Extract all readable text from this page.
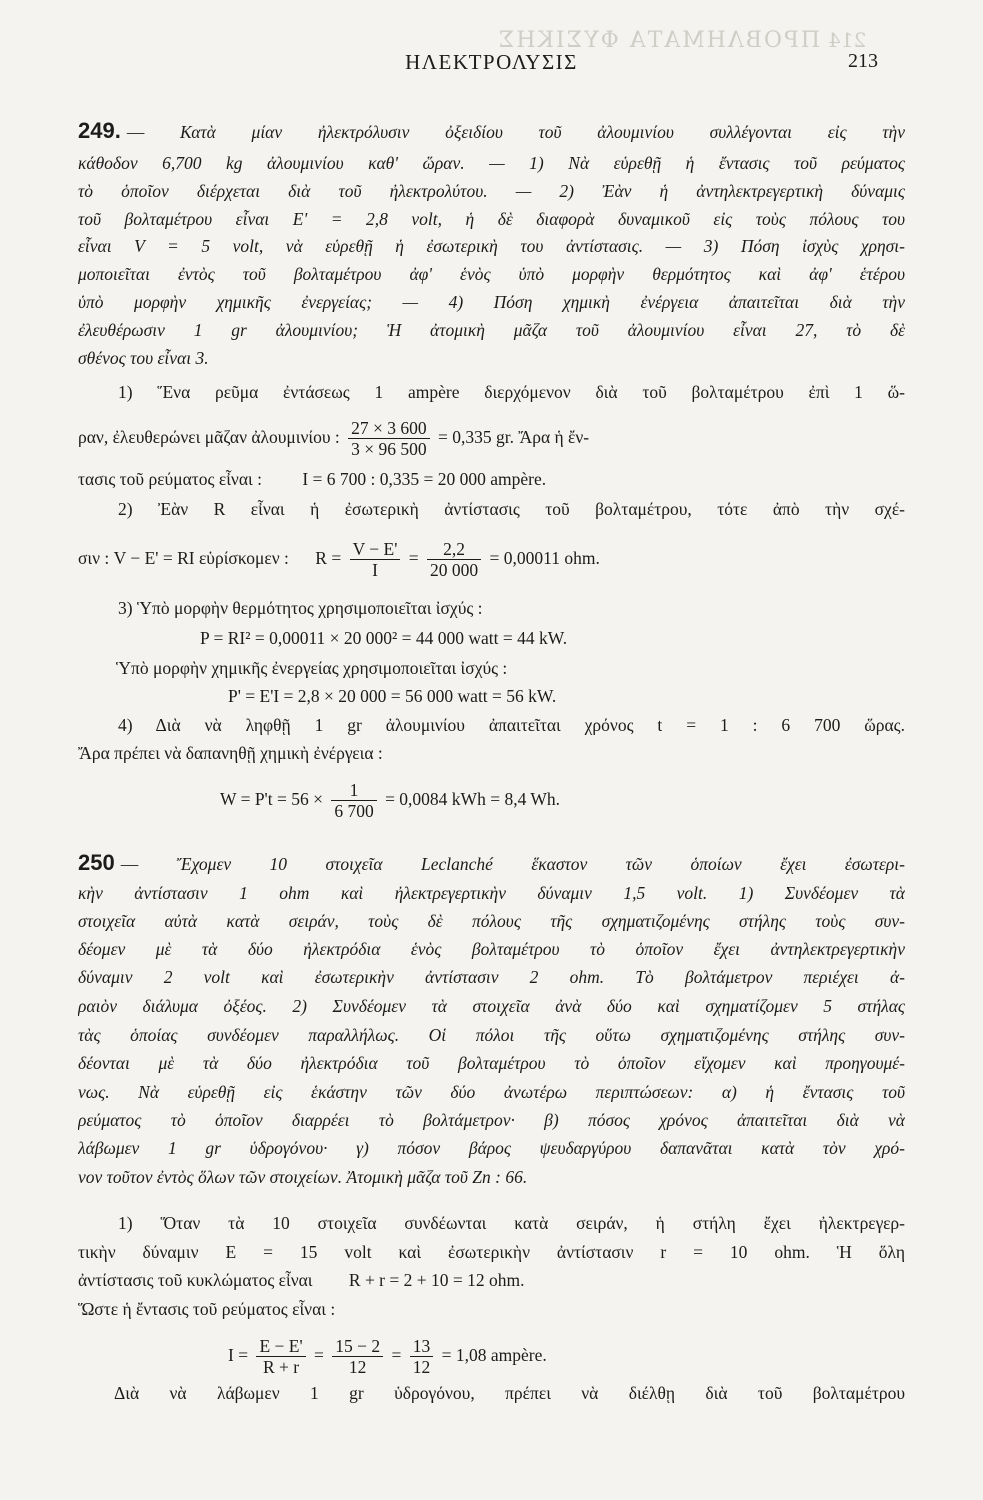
ΠΡΟΒΛΗΜΑΤΑ ΦΥΣΙΚΗΣ 214
ΗΛΕΚΤΡΟΛΥΣΙΣ	213
249. — Κατὰ μίαν ἠλεκτρόλυσιν ὀξειδίου τοῦ ἀλουμινίου συλλέγονται εἰς τὴν
κάθοδον 6,700 kg ἀλουμινίου καθ' ὥραν. — 1) Νὰ εὑρεθῇ ἡ ἔντασις τοῦ ρεύματος
τὸ ὁποῖον διέρχεται διὰ τοῦ ἠλεκτρολύτου. — 2) Ἐὰν ἡ ἀντηλεκτρεγερτικὴ δύναμις
τοῦ βολταμέτρου εἶναι E' = 2,8 volt, ἡ δὲ διαφορὰ δυναμικοῦ εἰς τοὺς πόλους του
εἶναι V = 5 volt, νὰ εὑρεθῇ ἡ ἐσωτερικὴ του ἀντίστασις. — 3) Πόση ἰσχὺς χρησι-
μοποιεῖται ἐντὸς τοῦ βολταμέτρου ἀφ' ἑνὸς ὑπὸ μορφὴν θερμότητος καὶ ἀφ' ἑτέρου
ὑπὸ μορφὴν χημικῆς ἐνεργείας; — 4) Πόση χημικὴ ἐνέργεια ἀπαιτεῖται διὰ τὴν
ἐλευθέρωσιν 1 gr ἀλουμινίου; Ἡ ἀτομικὴ μᾶζα τοῦ ἀλουμινίου εἶναι 27, τὸ δὲ
σθένος του εἶναι 3.
1) Ἕνα ρεῦμα ἐντάσεως 1 ampère διερχόμενον διὰ τοῦ βολταμέτρου ἐπὶ 1 ὥ-
ραν, ἐλευθερώνει μᾶζαν ἀλουμινίου : $\frac{27 \times 3 600}{3 \times 96 500} = 0,335$ gr. Ἄρα ἡ ἔν-
τασις τοῦ ρεύματος εἶναι : I = 6 700 : 0,335 = 20 000 ampère.
2) Ἐὰν R εἶναι ἡ ἐσωτερικὴ ἀντίστασις τοῦ βολταμέτρου, τότε ἀπὸ τὴν σχέ-
σιν : V − E' = RI εὑρίσκομεν : $R = \frac{V - E'}{I} = \frac{2,2}{20 000} = 0,00011$ ohm.
3) Ὑπὸ μορφὴν θερμότητος χρησιμοποιεῖται ἰσχύς :
P = RI² = 0,00011 × 20 000² = 44 000 watt = 44 kW.
Ὑπὸ μορφὴν χημικῆς ἐνεργείας χρησιμοποιεῖται ἰσχύς :
P' = E'I = 2,8 × 20 000 = 56 000 watt = 56 kW.
4) Διὰ νὰ ληφθῇ 1 gr ἀλουμινίου ἀπαιτεῖται χρόνος t = 1 : 6 700 ὥρας.
Ἄρα πρέπει νὰ δαπανηθῇ χημικὴ ἐνέργεια :
$W = P't = 56 \times \frac{1}{6 700} = 0,0084$ kWh = 8,4 Wh.
250 — Ἔχομεν 10 στοιχεῖα Leclanché ἕκαστον τῶν ὁποίων ἔχει ἐσωτερι-
κὴν ἀντίστασιν 1 ohm καὶ ἠλεκτρεγερτικὴν δύναμιν 1,5 volt. 1) Συνδέομεν τὰ
στοιχεῖα αὐτὰ κατὰ σειράν, τοὺς δὲ πόλους τῆς σχηματιζομένης στήλης τοὺς συν-
δέομεν μὲ τὰ δύο ἠλεκτρόδια ἑνὸς βολταμέτρου τὸ ὁποῖον ἔχει ἀντηλεκτρεγερτικὴν
δύναμιν 2 volt καὶ ἐσωτερικὴν ἀντίστασιν 2 ohm. Τὸ βολτάμετρον περιέχει ἀ-
ραιὸν διάλυμα ὀξέος. 2) Συνδέομεν τὰ στοιχεῖα ἀνὰ δύο καὶ σχηματίζομεν 5 στήλας
τὰς ὁποίας συνδέομεν παραλλήλως. Οἱ πόλοι τῆς οὕτω σχηματιζομένης στήλης συν-
δέονται μὲ τὰ δύο ἠλεκτρόδια τοῦ βολταμέτρου τὸ ὁποῖον εἴχομεν καὶ προηγουμέ-
νως. Νὰ εὑρεθῇ εἰς ἑκάστην τῶν δύο ἀνωτέρω περιπτώσεων: α) ἡ ἔντασις τοῦ
ρεύματος τὸ ὁποῖον διαρρέει τὸ βολτάμετρον· β) πόσος χρόνος ἀπαιτεῖται διὰ νὰ
λάβωμεν 1 gr ὑδρογόνου· γ) πόσον βάρος ψευδαργύρου δαπανᾶται κατὰ τὸν χρό-
νον τοῦτον ἐντὸς ὅλων τῶν στοιχείων. Ἀτομικὴ μᾶζα τοῦ Zn : 66.
1) Ὅταν τὰ 10 στοιχεῖα συνδέωνται κατὰ σειράν, ἡ στήλη ἔχει ἠλεκτρεγερ-
τικὴν δύναμιν E = 15 volt καὶ ἐσωτερικὴν ἀντίστασιν r = 10 ohm. Ἡ ὅλη
ἀντίστασις τοῦ κυκλώματος εἶναι R + r = 2 + 10 = 12 ohm.
Ὥστε ἡ ἔντασις τοῦ ρεύματος εἶναι :
$I = \frac{E - E'}{R + r} = \frac{15 - 2}{12} = \frac{13}{12} = 1,08$ ampère.
Διὰ νὰ λάβωμεν 1 gr ὑδρογόνου, πρέπει νὰ διέλθῃ διὰ τοῦ βολταμέτρου
